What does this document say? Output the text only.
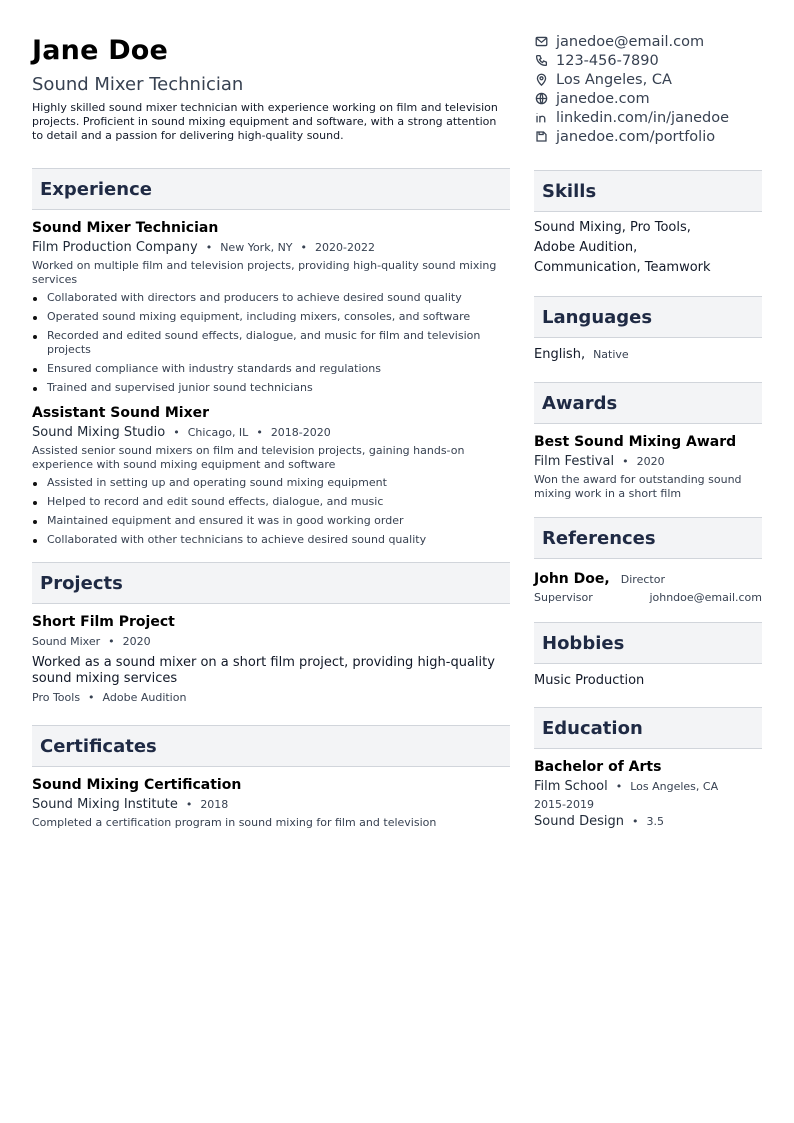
Jane Doe
Sound Mixer Technician
Highly skilled sound mixer technician with experience working on film and television projects. Proficient in sound mixing equipment and software, with a strong attention to detail and a passion for delivering high-quality sound.
Experience
Sound Mixer Technician
Film Production Company • New York, NY • 2020-2022
Worked on multiple film and television projects, providing high-quality sound mixing services
Collaborated with directors and producers to achieve desired sound quality
Operated sound mixing equipment, including mixers, consoles, and software
Recorded and edited sound effects, dialogue, and music for film and television projects
Ensured compliance with industry standards and regulations
Trained and supervised junior sound technicians
Assistant Sound Mixer
Sound Mixing Studio • Chicago, IL • 2018-2020
Assisted senior sound mixers on film and television projects, gaining hands-on experience with sound mixing equipment and software
Assisted in setting up and operating sound mixing equipment
Helped to record and edit sound effects, dialogue, and music
Maintained equipment and ensured it was in good working order
Collaborated with other technicians to achieve desired sound quality
Projects
Short Film Project
Sound Mixer • 2020
Worked as a sound mixer on a short film project, providing high-quality sound mixing services
Pro Tools • Adobe Audition
Certificates
Sound Mixing Certification
Sound Mixing Institute • 2018
Completed a certification program in sound mixing for film and television
janedoe@email.com
123-456-7890
Los Angeles, CA
janedoe.com
linkedin.com/in/janedoe
janedoe.com/portfolio
Skills
Sound Mixing, Pro Tools,
Adobe Audition,
Communication, Teamwork
Languages
English, Native
Awards
Best Sound Mixing Award
Film Festival • 2020
Won the award for outstanding sound mixing work in a short film
References
John Doe, Director
Supervisor	johndoe@email.com
Hobbies
Music Production
Education
Bachelor of Arts
Film School • Los Angeles, CA
2015-2019
Sound Design • 3.5
